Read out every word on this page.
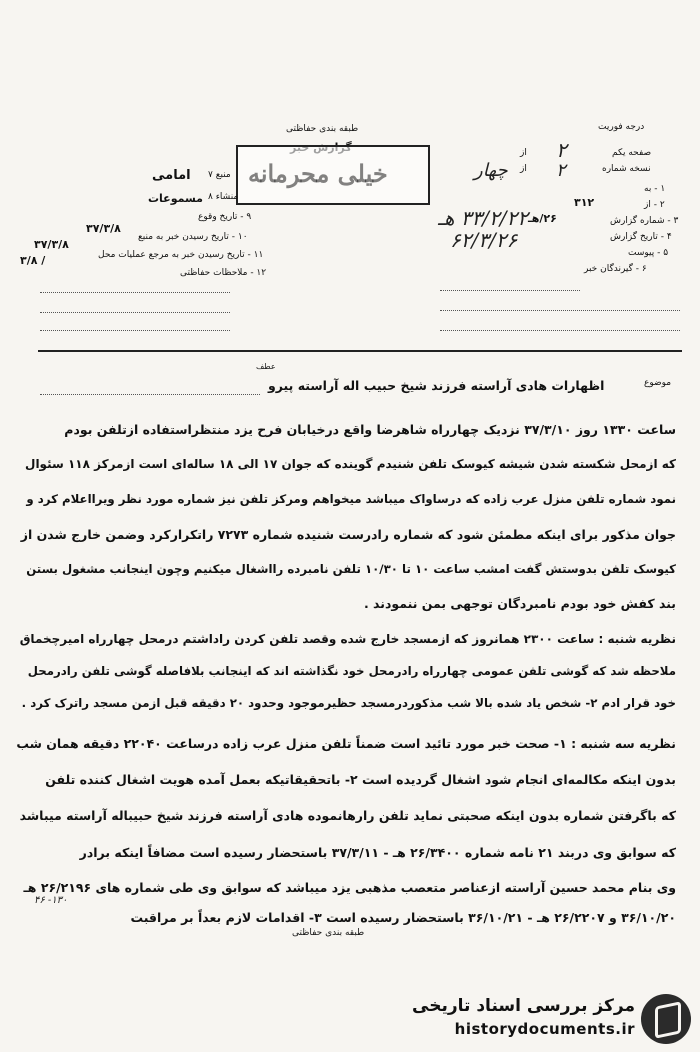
طبقه بندی حفاظتی	درجه فوریت
خیلی محرمانه
منبع ۷
امامی
منشاء ۸
مسموعات
۹ - تاریخ وقوع
۱۰ - تاریخ رسیدن خبر به منبع
۳۷/۳/۸
۱۱ - تاریخ رسیدن خبر به مرجع عملیات محل
۳۷/۳/۸
/ ۳/۸
۱۲ - ملاحظات حفاظتی
صفحه یکم
از
نسخه شماره
از
۲
۲
چهار
۱ - به
۲ - از
۳۱۲
۳ - شماره گزارش
۲۶/هـ
۴ - تاریخ گزارش
۵ - پیوست
۶ - گیرندگان خبر
۳۳/۲/۲۲ هـ
۶۲/۳/۲۶
موضوع
عطف
اظهارات هادی آراسته فرزند شیخ حبیب اله آراسته پیرو
ساعت ۱۳۳۰ روز ۳۷/۳/۱۰ نزدیک چهارراه شاهرضا واقع درخیابان فرح یزد منتظراستفاده ازتلفن بودم
که ازمحل شکسته شدن شیشه کیوسک تلفن شنیدم گوینده که جوان ۱۷ الی ۱۸ ساله‌ای است ازمرکز ۱۱۸ سئوال
نمود شماره تلفن منزل عرب زاده که درساواک میباشد میخواهم ومرکز تلفن نیز شماره مورد نظر ویرااعلام کرد و
جوان مذکور برای اینکه مطمئن شود که شماره رادرست شنیده شماره ۷۲۷۳ راتکرارکرد وضمن خارج شدن از
کیوسک تلفن بدوستش گفت امشب ساعت ۱۰ تا ۱۰/۳۰ تلفن نامبرده رااشغال میکنیم وچون اینجانب مشغول بستن
بند کفش خود بودم نامبردگان توجهی بمن ننمودند .
نظریه شنبه : ساعت ۲۳۰۰ همانروز که ازمسجد خارج شده وقصد تلفن کردن راداشتم درمحل چهارراه امیرچخماق
ملاحظه شد که گوشی تلفن عمومی چهارراه رادرمحل خود نگذاشته اند که اینجانب بلافاصله گوشی تلفن رادرمحل
خود قرار ادم ۲- شخص یاد شده بالا شب مذکوردرمسجد حظیرموجود وحدود ۲۰ دقیقه قبل ازمن مسجد راترک کرد .
نظریه سه شنبه : ۱- صحت خبر مورد تائید است ضمناً تلفن منزل عرب زاده درساعت ۲۲۰۴۰ دقیقه همان شب
بدون اینکه مکالمه‌ای انجام شود اشغال گردیده است ۲- باتحقیقاتیکه بعمل آمده هویت اشغال کننده تلفن
که باگرفتن شماره بدون اینکه صحبتی نماید تلفن رارهانموده هادی آراسته فرزند شیخ حبیباله آراسته میباشد
که سوابق وی دربند ۲۱ نامه شماره ۲۶/۳۴۰۰ هـ - ۳۷/۳/۱۱ باستحضار رسیده است مضافاً اینکه برادر
وی بنام محمد حسین آراسته ازعناصر متعصب مذهبی یزد میباشد که سوابق وی طی شماره های ۲۶/۲۱۹۶ هـ
۱۳۰- ۴۶
۳۶/۱۰/۲۰ و ۲۶/۲۲۰۷ هـ - ۳۶/۱۰/۲۱ باستحضار رسیده است ۳- اقدامات لازم بعداً بر مراقبت
طبقه بندی حفاظتی
مرکز بررسی اسناد تاریخی
historydocuments.ir
